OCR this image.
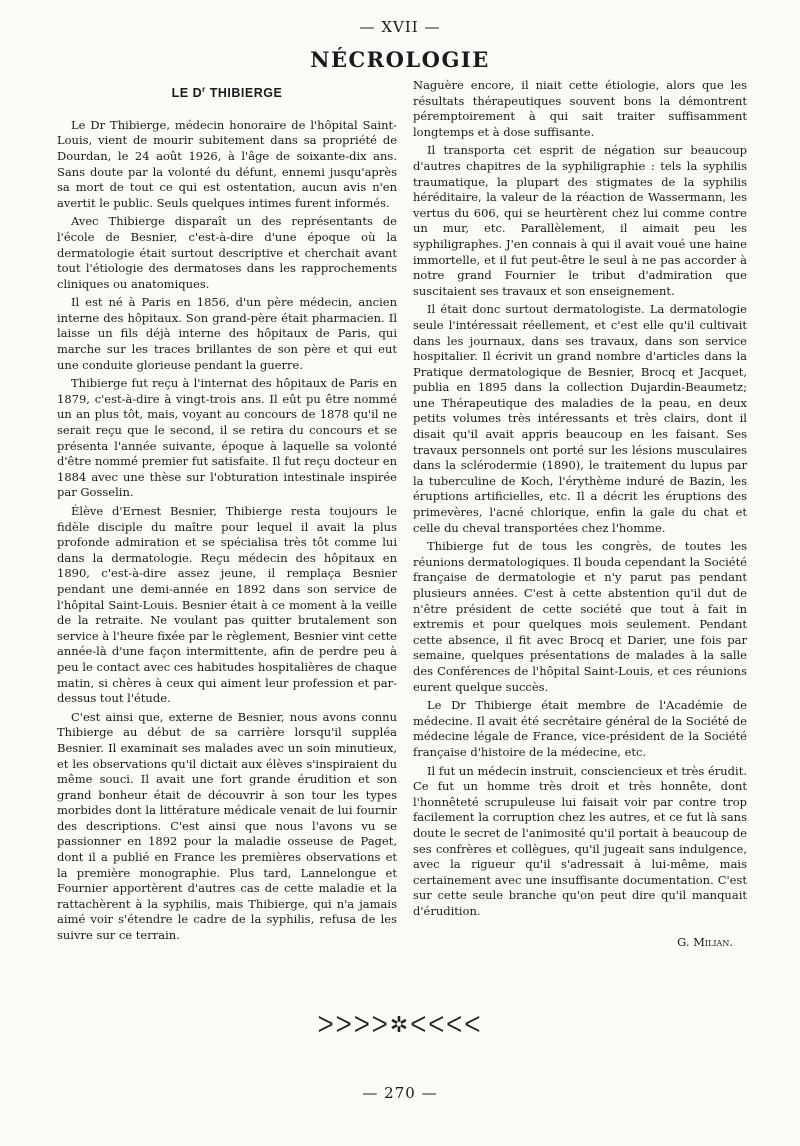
— XVII —
NÉCROLOGIE
LE $D^r$ THIBIERGE

Le Dr Thibierge, médecin honoraire de l'hôpital Saint-Louis, vient de mourir subitement dans sa propriété de Dourdan, le 24 août 1926, à l'âge de soixante-dix ans. Sans doute par la volonté du défunt, ennemi jusqu'après sa mort de tout ce qui est ostentation, aucun avis n'en avertit le public. Seuls quelques intimes furent informés.

Avec Thibierge disparaît un des représentants de l'école de Besnier, c'est-à-dire d'une époque où la dermatologie était surtout descriptive et cherchait avant tout l'étiologie des dermatoses dans les rapprochements cliniques ou anatomiques.

Il est né à Paris en 1856, d'un père médecin, ancien interne des hôpitaux. Son grand-père était pharmacien. Il laisse un fils déjà interne des hôpitaux de Paris, qui marche sur les traces brillantes de son père et qui eut une conduite glorieuse pendant la guerre.

Thibierge fut reçu à l'internat des hôpitaux de Paris en 1879, c'est-à-dire à vingt-trois ans. Il eût pu être nommé un an plus tôt, mais, voyant au concours de 1878 qu'il ne serait reçu que le second, il se retira du concours et se présenta l'année suivante, époque à laquelle sa volonté d'être nommé premier fut satisfaite. Il fut reçu docteur en 1884 avec une thèse sur l'obturation intestinale inspirée par Gosselin.

Élève d'Ernest Besnier, Thibierge resta toujours le fidèle disciple du maître pour lequel il avait la plus profonde admiration et se spécialisa très tôt comme lui dans la dermatologie. Reçu médecin des hôpitaux en 1890, c'est-à-dire assez jeune, il remplaça Besnier pendant une demi-année en 1892 dans son service de l'hôpital Saint-Louis. Besnier était à ce moment à la veille de la retraite. Ne voulant pas quitter brutalement son service à l'heure fixée par le règlement, Besnier vint cette année-là d'une façon intermittente, afin de perdre peu à peu le contact avec ces habitudes hospitalières de chaque matin, si chères à ceux qui aiment leur profession et par-dessus tout l'étude.

C'est ainsi que, externe de Besnier, nous avons connu Thibierge au début de sa carrière lorsqu'il suppléa Besnier. Il examinait ses malades avec un soin minutieux, et les observations qu'il dictait aux élèves s'inspiraient du même souci. Il avait une fort grande érudition et son grand bonheur était de découvrir à son tour les types morbides dont la littérature médicale venait de lui fournir des descriptions. C'est ainsi que nous l'avons vu se passionner en 1892 pour la maladie osseuse de Paget, dont il a publié en France les premières observations et la première monographie. Plus tard, Lannelongue et Fournier apportèrent d'autres cas de cette maladie et la rattachèrent à la syphilis, mais Thibierge, qui n'a jamais aimé voir s'étendre le cadre de la syphilis, refusa de les suivre sur ce terrain.

Naguère encore, il niait cette étiologie, alors que les résultats thérapeutiques souvent bons la démontrent péremptoirement à qui sait traiter suffisamment longtemps et à dose suffisante.

Il transporta cet esprit de négation sur beaucoup d'autres chapitres de la syphiligraphie : tels la syphilis traumatique, la plupart des stigmates de la syphilis héréditaire, la valeur de la réaction de Wassermann, les vertus du 606, qui se heurtèrent chez lui comme contre un mur, etc. Parallèlement, il aimait peu les syphiligraphes. J'en connais à qui il avait voué une haine immortelle, et il fut peut-être le seul à ne pas accorder à notre grand Fournier le tribut d'admiration que suscitaient ses travaux et son enseignement.

Il était donc surtout dermatologiste. La dermatologie seule l'intéressait réellement, et c'est elle qu'il cultivait dans les journaux, dans ses travaux, dans son service hospitalier. Il écrivit un grand nombre d'articles dans la Pratique dermatologique de Besnier, Brocq et Jacquet, publia en 1895 dans la collection Dujardin-Beaumetz; une Thérapeutique des maladies de la peau, en deux petits volumes très intéressants et très clairs, dont il disait qu'il avait appris beaucoup en les faisant. Ses travaux personnels ont porté sur les lésions musculaires dans la sclérodermie (1890), le traitement du lupus par la tuberculine de Koch, l'érythème induré de Bazin, les éruptions artificielles, etc. Il a décrit les éruptions des primevères, l'acné chlorique, enfin la gale du chat et celle du cheval transportées chez l'homme.

Thibierge fut de tous les congrès, de toutes les réunions dermatologiques. Il bouda cependant la Société française de dermatologie et n'y parut pas pendant plusieurs années. C'est à cette abstention qu'il dut de n'être président de cette société que tout à fait in extremis et pour quelques mois seulement. Pendant cette absence, il fit avec Brocq et Darier, une fois par semaine, quelques présentations de malades à la salle des Conférences de l'hôpital Saint-Louis, et ces réunions eurent quelque succès.

Le Dr Thibierge était membre de l'Académie de médecine. Il avait été secrétaire général de la Société de médecine légale de France, vice-président de la Société française d'histoire de la médecine, etc.

Il fut un médecin instruit, consciencieux et très érudit. Ce fut un homme très droit et très honnête, dont l'honnêteté scrupuleuse lui faisait voir par contre trop facilement la corruption chez les autres, et ce fut là sans doute le secret de l'animosité qu'il portait à beaucoup de ses confrères et collègues, qu'il jugeait sans indulgence, avec la rigueur qu'il s'adressait à lui-même, mais certainement avec une insuffisante documentation. C'est sur cette seule branche qu'on peut dire qu'il manquait d'érudition.

G. Milian.
ᐳᐳᐳᐳ✲ᐸᐸᐸᐸ
— 270 —
